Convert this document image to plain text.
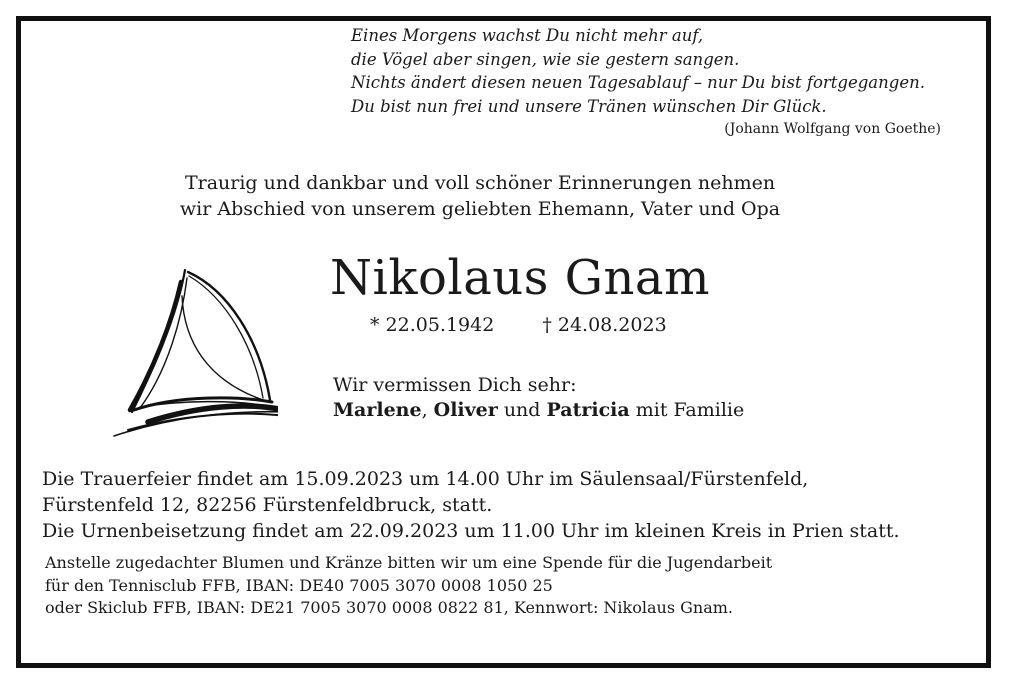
Eines Morgens wachst Du nicht mehr auf,
die Vögel aber singen, wie sie gestern sangen.
Nichts ändert diesen neuen Tagesablauf – nur Du bist fortgegangen.
Du bist nun frei und unsere Tränen wünschen Dir Glück.
(Johann Wolfgang von Goethe)
Traurig und dankbar und voll schöner Erinnerungen nehmen
wir Abschied von unserem geliebten Ehemann, Vater und Opa
Nikolaus Gnam
* 22.05.1942	† 24.08.2023
Wir vermissen Dich sehr:
Marlene, Oliver und Patricia mit Familie
Die Trauerfeier findet am 15.09.2023 um 14.00 Uhr im Säulensaal/Fürstenfeld,
Fürstenfeld 12, 82256 Fürstenfeldbruck, statt.
Die Urnenbeisetzung findet am 22.09.2023 um 11.00 Uhr im kleinen Kreis in Prien statt.
Anstelle zugedachter Blumen und Kränze bitten wir um eine Spende für die Jugendarbeit
für den Tennisclub FFB, IBAN: DE40 7005 3070 0008 1050 25
oder Skiclub FFB, IBAN: DE21 7005 3070 0008 0822 81, Kennwort: Nikolaus Gnam.
